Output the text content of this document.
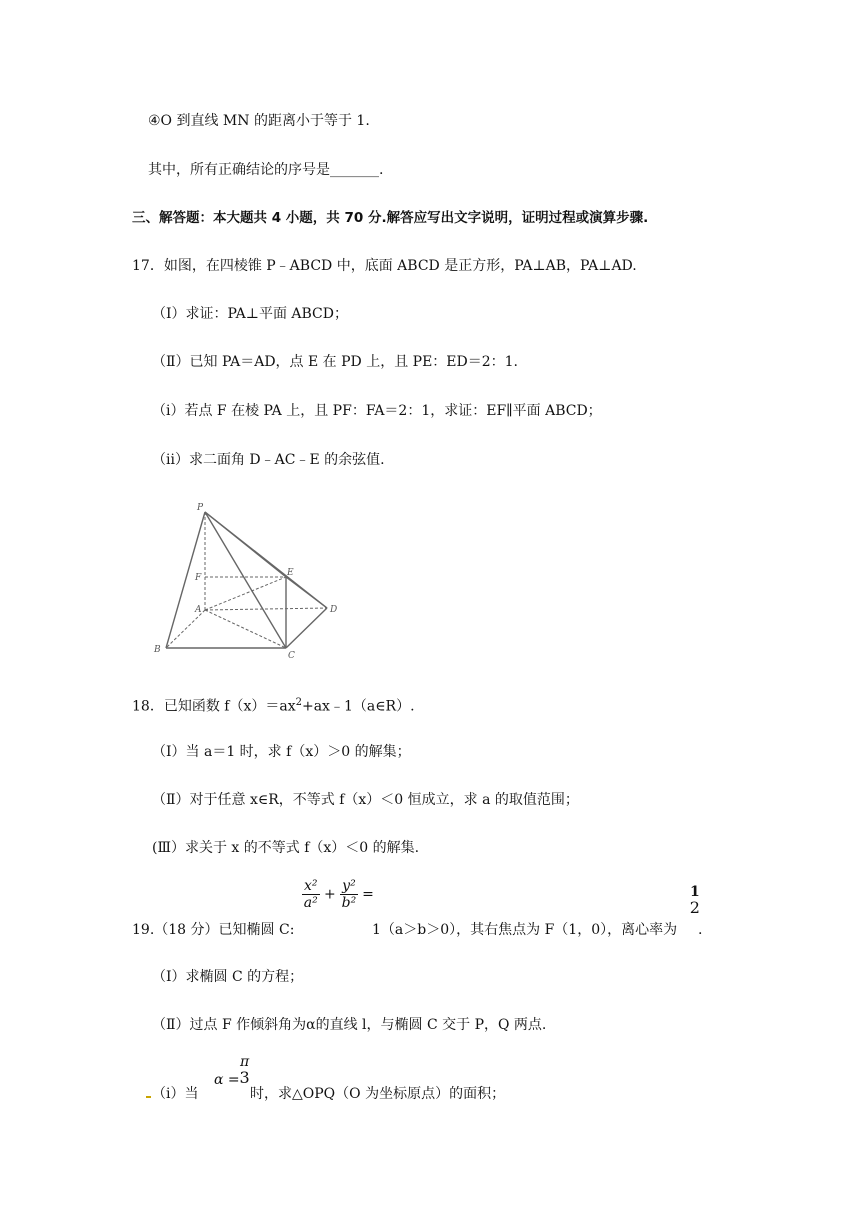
④O 到直线 MN 的距离小于等于 1.
其中，所有正确结论的序号是_______.
三、解答题：本大题共 4 小题，共 70 分.解答应写出文字说明，证明过程或演算步骤.
17．如图，在四棱锥 P﹣ABCD 中，底面 ABCD 是正方形，PA⊥AB，PA⊥AD.
（Ⅰ）求证：PA⊥平面 ABCD；
（Ⅱ）已知 PA＝AD，点 E 在 PD 上，且 PE：ED＝2：1.
（ⅰ）若点 F 在棱 PA 上，且 PF：FA＝2：1，求证：EF∥平面 ABCD；
（ⅱ）求二面角 D﹣AC﹣E 的余弦值.
P
F	E
A	D
B
C
18．已知函数 $f(x)=ax^2+ax﹣1(a\in R)$.
（Ⅰ）当 a＝1 时，求 f（x）＞0 的解集；
（Ⅱ）对于任意 x∈R，不等式 f（x）＜0 恒成立，求 a 的取值范围；
(Ⅲ）求关于 x 的不等式 f（x）＜0 的解集.
19.（18 分）已知椭圆 C:
$\frac{\text{x²}}{\text{a²}} + \frac{\text{y²}}{\text{b²}}$ =
1（a＞b＞0），其右焦点为 F（1，0），离心率为
1
2
.
（Ⅰ）求椭圆 C 的方程；
（Ⅱ）过点 F 作倾斜角为α的直线 l，与椭圆 C 交于 P，Q 两点.
（ⅰ）当
α =
π
3
时，求△OPQ（O 为坐标原点）的面积；
